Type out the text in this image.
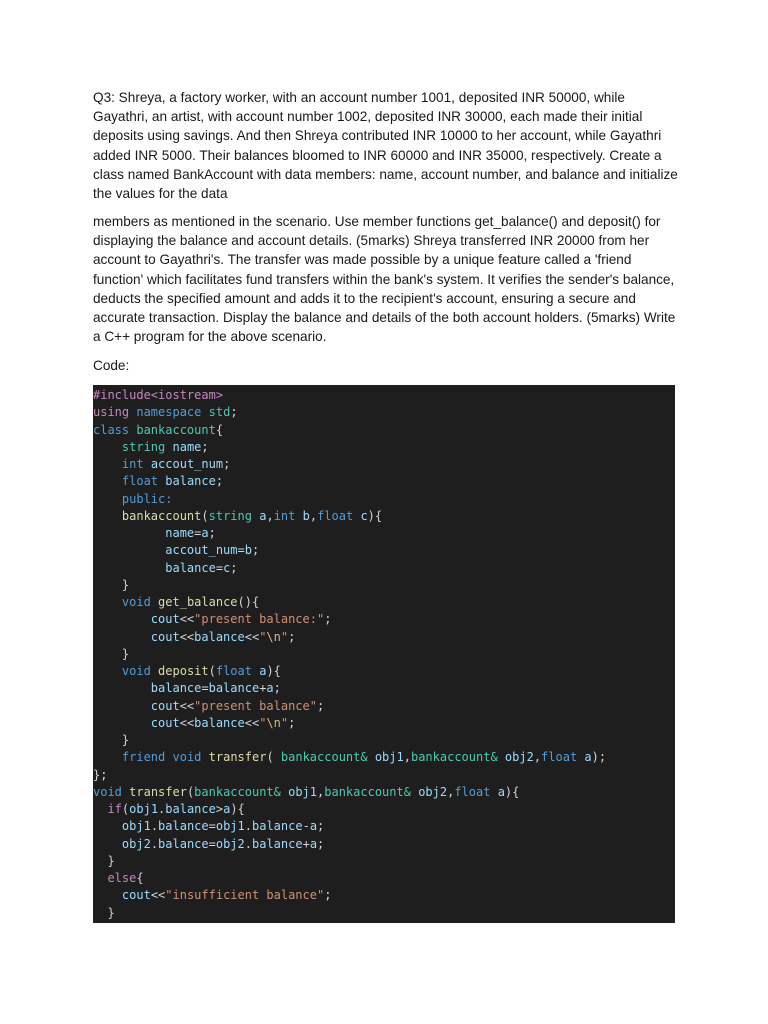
Q3: Shreya, a factory worker, with an account number 1001, deposited INR 50000, while Gayathri, an artist, with account number 1002, deposited INR 30000, each made their initial deposits using savings. And then Shreya contributed INR 10000 to her account, while Gayathri added INR 5000. Their balances bloomed to INR 60000 and INR 35000, respectively. Create a class named BankAccount with data members: name, account number, and balance and initialize the values for the data

members as mentioned in the scenario. Use member functions get_balance() and deposit() for displaying the balance and account details. (5marks) Shreya transferred INR 20000 from her account to Gayathri's. The transfer was made possible by a unique feature called a 'friend function' which facilitates fund transfers within the bank's system. It verifies the sender's balance, deducts the specified amount and adds it to the recipient's account, ensuring a secure and accurate transaction. Display the balance and details of the both account holders. (5marks) Write a C++ program for the above scenario.

Code:

#include<iostream>
using namespace std;
class bankaccount{
string name;
int accout_num;
float balance;
public:
bankaccount(string a,int b,float c){
name=a;
accout_num=b;
balance=c;
}
void get_balance(){
cout<<"present balance:";
cout<<balance<<"\n";
}
void deposit(float a){
balance=balance+a;
cout<<"present balance";
cout<<balance<<"\n";
}
friend void transfer( bankaccount& obj1,bankaccount& obj2,float a);
};
void transfer(bankaccount& obj1,bankaccount& obj2,float a){
if(obj1.balance>a){
obj1.balance=obj1.balance-a;
obj2.balance=obj2.balance+a;
}
else{
cout<<"insufficient balance";
}
